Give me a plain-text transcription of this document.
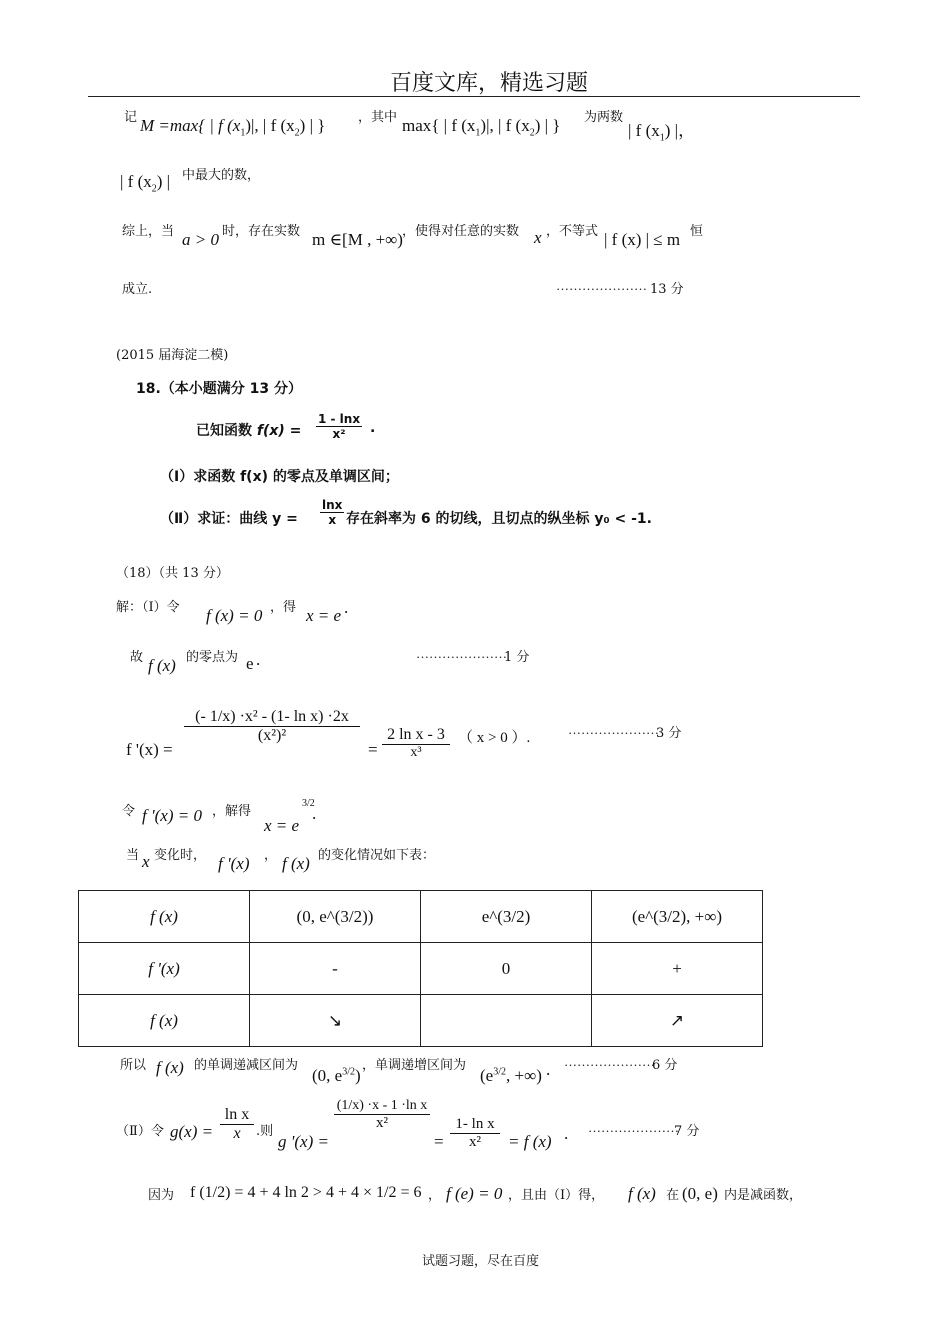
百度文库，精选习题
记 M =max{ | f $(x_1)|$, | f $(x_2)$ | }	，其中 max{ | f $(x_1)|$, | f $(x_2)$ | } 为两数
| f $(x_1)$ |，
| f $(x_2)$ | 中最大的数，
综上，当 a > 0 时，存在实数 m ∈[M , +∞) ，使得对任意的实数 x ，不等式 | f (x) | ≤ m 恒
成立.	………………… 13 分
(2015 届海淀二模)
18.（本小题满分 13 分）
已知函数 $f(x) = \frac{1 - \ln x}{\text{x²}}$ .
（Ⅰ）求函数 f(x) 的零点及单调区间；
（Ⅱ）求证：曲线 $y = \frac{\ln x}{x}$ 存在斜率为 6 的切线，且切点的纵坐标 y₀ < -1.
（18）（共 13 分）
解：（Ⅰ）令 f (x) = 0 ，得 x = e .
故 f (x) 的零点为 e .	…………………
1 分
f '(x) =
$\frac{\text{(- 1/x) ·x² - (1- ln x) ·2x}}{\text{(x²)²}}$
= $\frac{\text{2 ln x - 3}}{\text{x³}}$ （ x > 0 ）.
…………………
3 分
令 f '(x) = 0 ，解得
x = e
3/2
.
当 x 变化时， f '(x) ， f (x) 的变化情况如下表：
f (x)	(0, e^(3/2))	e^(3/2)	(e^(3/2), +∞)
f '(x)	-	0	+
f (x)	↘		↗
所以 f (x) 的单调递减区间为
(0, $e^{3/2}$)
，单调递增区间为
($e^{3/2}$, +∞) . …………………
6 分
（Ⅱ）令 $g(x) = \frac{\text{ln x}}{x}$ .则
g '(x) =
$\frac{\text{(1/x) ·x - 1 ·ln x}}{\text{x²}}$
= $\frac{\text{1- ln x}}{\text{x²}} = f$ (x) . …………………
7 分
因为 f (1/2) = 4 + 4 ln 2 > 4 + 4 × 1/2 = 6 ， f (e) = 0 ，且由（Ⅰ）得， f (x) 在 (0, e) 内是减函数，
试题习题，尽在百度
